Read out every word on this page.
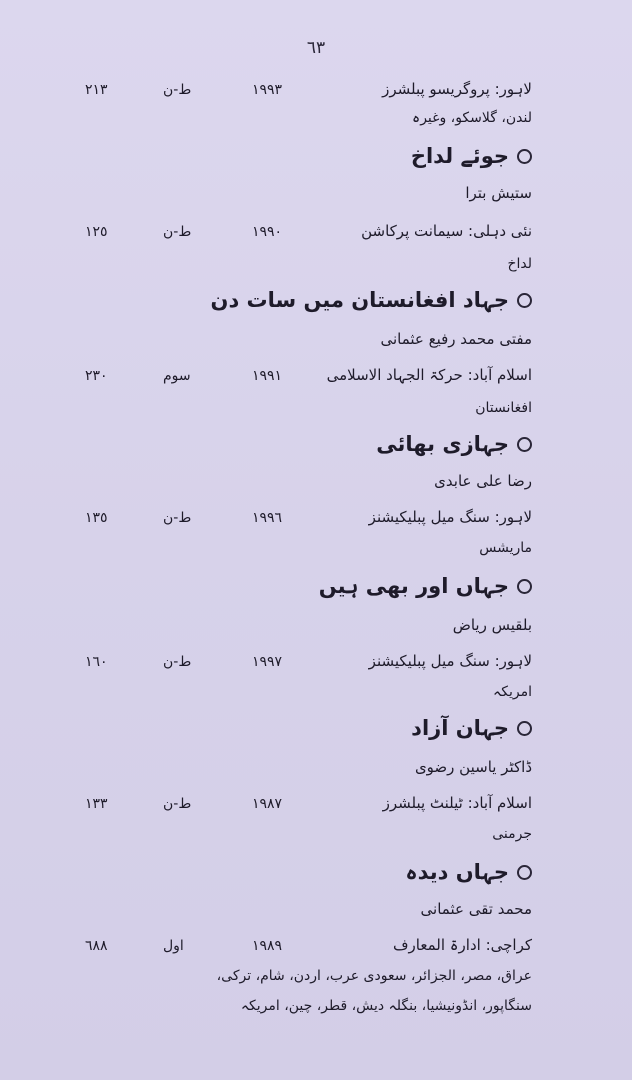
٦٣
لاہور: پروگریسو پبلشرز
١٩٩٣
ط-ن
٢١٣
لندن، گلاسکو، وغیرہ
جوئے لداخ
ستیش بترا
نئی دہلی: سیمانت پرکاشن
١٩٩٠
ط-ن
١٢٥
لداخ
جہاد افغانستان میں سات دن
مفتی محمد رفیع عثمانی
اسلام آباد: حرکۃ الجہاد الاسلامی
١٩٩١
سوم
٢٣٠
افغانستان
جہازی بھائی
رضا علی عابدی
لاہور: سنگ میل پبلیکیشنز
١٩٩٦
ط-ن
١٣٥
ماریشس
جہاں اور بھی ہیں
بلقیس ریاض
لاہور: سنگ میل پبلیکیشنز
١٩٩٧
ط-ن
١٦٠
امریکہ
جہان آزاد
ڈاکٹر یاسین رضوی
اسلام آباد: ٹیلنٹ پبلشرز
١٩٨٧
ط-ن
١٣٣
جرمنی
جہاں دیدہ
محمد تقی عثمانی
کراچی: ادارۃ المعارف
١٩٨٩
اول
٦٨٨
عراق، مصر، الجزائر، سعودی عرب، اردن، شام، ترکی،
سنگاپور، انڈونیشیا، بنگلہ دیش، قطر، چین، امریکہ
